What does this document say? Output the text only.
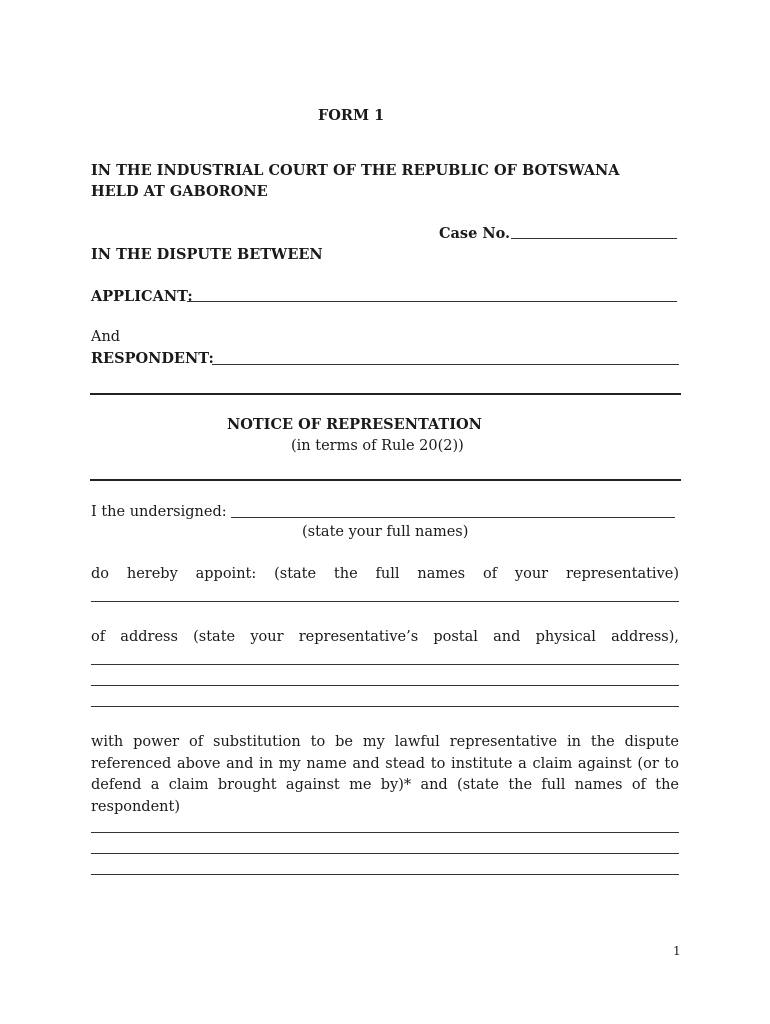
FORM 1
IN THE INDUSTRIAL COURT OF THE REPUBLIC OF BOTSWANA
HELD AT GABORONE
Case No.
IN THE DISPUTE BETWEEN
APPLICANT:
And
RESPONDENT:
NOTICE OF REPRESENTATION
(in terms of Rule 20(2))
I the undersigned:
(state your full names)
do hereby appoint: (state the full names of your representative)
of address (state your representative’s postal and physical address),
with power of substitution to be my lawful representative in the dispute referenced above and in my name and stead to institute a claim against (or to defend a claim brought against me by)* and (state the full names of the respondent)
1
